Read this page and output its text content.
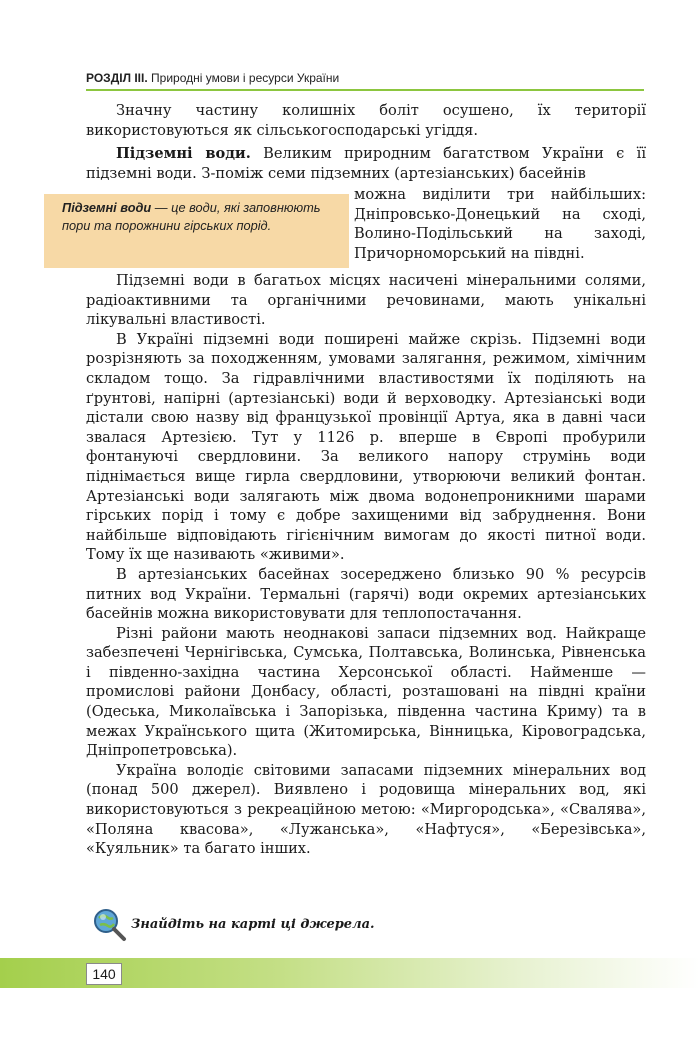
РОЗДІЛ ІІІ. Природні умови і ресурси України

Значну частину колишніх боліт осушено, їх території використовуються як сільськогосподарські угіддя.

Підземні води. Великим природним багатством України є її підземні води. З-поміж семи підземних (артезіанських) басейнів

Підземні води — це води, які заповнюють пори та порожнини гірських порід.
можна виділити три найбільших:
Дніпровсько-Донецький на сході,
Волино-Подільський на заході,
Причорноморський на півдні.

Підземні води в багатьох місцях насичені мінеральними солями, радіоактивними та органічними речовинами, мають унікальні лікувальні властивості.

В Україні підземні води поширені майже скрізь. Підземні води розрізняють за походженням, умовами залягання, режимом, хімічним складом тощо. За гідравлічними властивостями їх поділяють на ґрунтові, напірні (артезіанські) води й верховодку. Артезіанські води дістали свою назву від французької провінції Артуа, яка в давні часи звалася Артезією. Тут у 1126 р. вперше в Європі пробурили фонтануючі свердловини. За великого напору струмінь води піднімається вище гирла свердловини, утворюючи великий фонтан. Артезіанські води залягають між двома водонепроникними шарами гірських порід і тому є добре захищеними від забруднення. Вони найбільше відповідають гігієнічним вимогам до якості питної води. Тому їх ще називають «живими».

В артезіанських басейнах зосереджено близько 90 % ресурсів питних вод України. Термальні (гарячі) води окремих артезіанських басейнів можна використовувати для теплопостачання.

Різні райони мають неоднакові запаси підземних вод. Найкраще забезпечені Чернігівська, Сумська, Полтавська, Волинська, Рівненська і південно-західна частина Херсонської області. Найменше — промислові райони Донбасу, області, розташовані на півдні країни (Одеська, Миколаївська і Запорізька, південна частина Криму) та в межах Українського щита (Житомирська, Вінницька, Кіровоградська, Дніпропетровська).

Україна володіє світовими запасами підземних мінеральних вод (понад 500 джерел). Виявлено і родовища мінеральних вод, які використовуються з рекреаційною метою: «Миргородська», «Свалява», «Поляна квасова», «Лужанська», «Нафтуся», «Березівська», «Куяльник» та багато інших.

Знайдіть на карті ці джерела.
140
